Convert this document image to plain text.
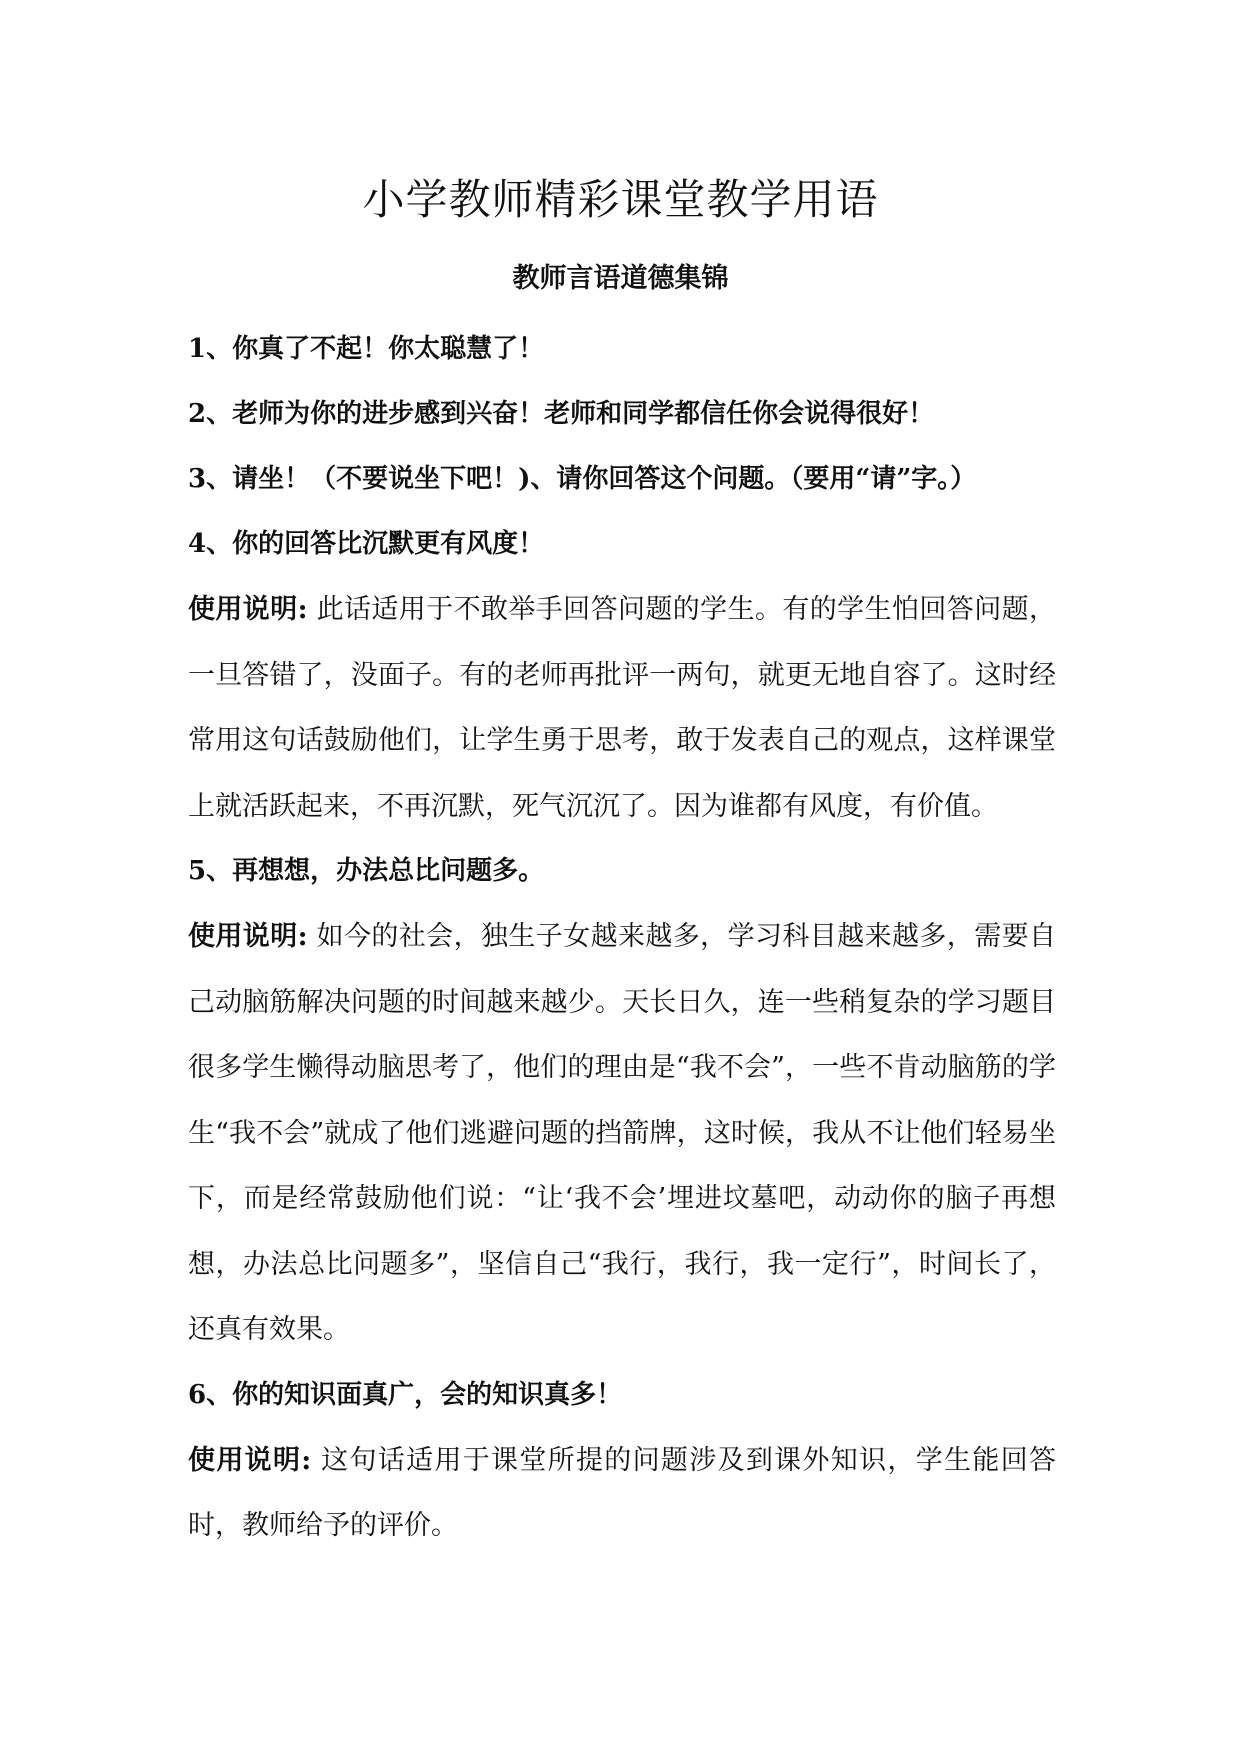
小学教师精彩课堂教学用语
教师言语道德集锦

1、你真了不起！你太聪慧了！

2、老师为你的进步感到兴奋！老师和同学都信任你会说得很好！

3、请坐！（不要说坐下吧！)、请你回答这个问题。（要用“请”字。）

4、你的回答比沉默更有风度！

使用说明: 此话适用于不敢举手回答问题的学生。有的学生怕回答问题，一旦答错了，没面子。有的老师再批评一两句，就更无地自容了。这时经常用这句话鼓励他们，让学生勇于思考，敢于发表自己的观点，这样课堂上就活跃起来，不再沉默，死气沉沉了。因为谁都有风度，有价值。

5、再想想，办法总比问题多。

使用说明: 如今的社会，独生子女越来越多，学习科目越来越多，需要自己动脑筋解决问题的时间越来越少。天长日久，连一些稍复杂的学习题目很多学生懒得动脑思考了，他们的理由是“我不会”，一些不肯动脑筋的学生“我不会”就成了他们逃避问题的挡箭牌，这时候，我从不让他们轻易坐下，而是经常鼓励他们说：“让‘我不会’埋进坟墓吧，动动你的脑子再想想，办法总比问题多”，坚信自己“我行，我行，我一定行”，时间长了，还真有效果。

6、你的知识面真广，会的知识真多！

使用说明: 这句话适用于课堂所提的问题涉及到课外知识，学生能回答时，教师给予的评价。
